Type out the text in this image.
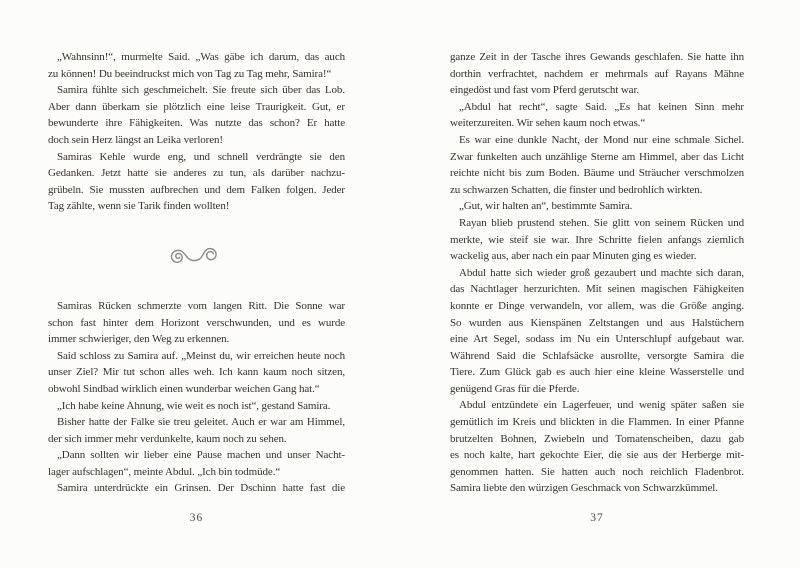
„Wahnsinn!“, murmelte Said. „Was gäbe ich darum, das auch
zu können! Du beeindruckst mich von Tag zu Tag mehr, Samira!“
Samira fühlte sich geschmeichelt. Sie freute sich über das Lob.
Aber dann überkam sie plötzlich eine leise Traurigkeit. Gut, er
bewunderte ihre Fähigkeiten. Was nutzte das schon? Er hatte
doch sein Herz längst an Leika verloren!
Samiras Kehle wurde eng, und schnell verdrängte sie den
Gedanken. Jetzt hatte sie anderes zu tun, als darüber nachzu-
grübeln. Sie mussten aufbrechen und dem Falken folgen. Jeder
Tag zählte, wenn sie Tarik finden wollten!
Samiras Rücken schmerzte vom langen Ritt. Die Sonne war
schon fast hinter dem Horizont verschwunden, und es wurde
immer schwieriger, den Weg zu erkennen.
Said schloss zu Samira auf. „Meinst du, wir erreichen heute noch
unser Ziel? Mir tut schon alles weh. Ich kann kaum noch sitzen,
obwohl Sindbad wirklich einen wunderbar weichen Gang hat.“
„Ich habe keine Ahnung, wie weit es noch ist“, gestand Samira.
Bisher hatte der Falke sie treu geleitet. Auch er war am Himmel,
der sich immer mehr verdunkelte, kaum noch zu sehen.
„Dann sollten wir lieber eine Pause machen und unser Nacht-
lager aufschlagen“, meinte Abdul. „Ich bin todmüde.“
Samira unterdrückte ein Grinsen. Der Dschinn hatte fast die
36
ganze Zeit in der Tasche ihres Gewands geschlafen. Sie hatte ihn
dorthin verfrachtet, nachdem er mehrmals auf Rayans Mähne
eingedöst und fast vom Pferd gerutscht war.
„Abdul hat recht“, sagte Said. „Es hat keinen Sinn mehr
weiterzureiten. Wir sehen kaum noch etwas.“
Es war eine dunkle Nacht, der Mond nur eine schmale Sichel.
Zwar funkelten auch unzählige Sterne am Himmel, aber das Licht
reichte nicht bis zum Boden. Bäume und Sträucher verschmolzen
zu schwarzen Schatten, die finster und bedrohlich wirkten.
„Gut, wir halten an“, bestimmte Samira.
Rayan blieb prustend stehen. Sie glitt von seinem Rücken und
merkte, wie steif sie war. Ihre Schritte fielen anfangs ziemlich
wackelig aus, aber nach ein paar Minuten ging es wieder.
Abdul hatte sich wieder groß gezaubert und machte sich daran,
das Nachtlager herzurichten. Mit seinen magischen Fähigkeiten
konnte er Dinge verwandeln, vor allem, was die Größe anging.
So wurden aus Kienspänen Zeltstangen und aus Halstüchern
eine Art Segel, sodass im Nu ein Unterschlupf aufgebaut war.
Während Said die Schlafsäcke ausrollte, versorgte Samira die
Tiere. Zum Glück gab es auch hier eine kleine Wasserstelle und
genügend Gras für die Pferde.
Abdul entzündete ein Lagerfeuer, und wenig später saßen sie
gemütlich im Kreis und blickten in die Flammen. In einer Pfanne
brutzelten Bohnen, Zwiebeln und Tomatenscheiben, dazu gab
es noch kalte, hart gekochte Eier, die sie aus der Herberge mit-
genommen hatten. Sie hatten auch noch reichlich Fladenbrot.
Samira liebte den würzigen Geschmack von Schwarzkümmel.
37
